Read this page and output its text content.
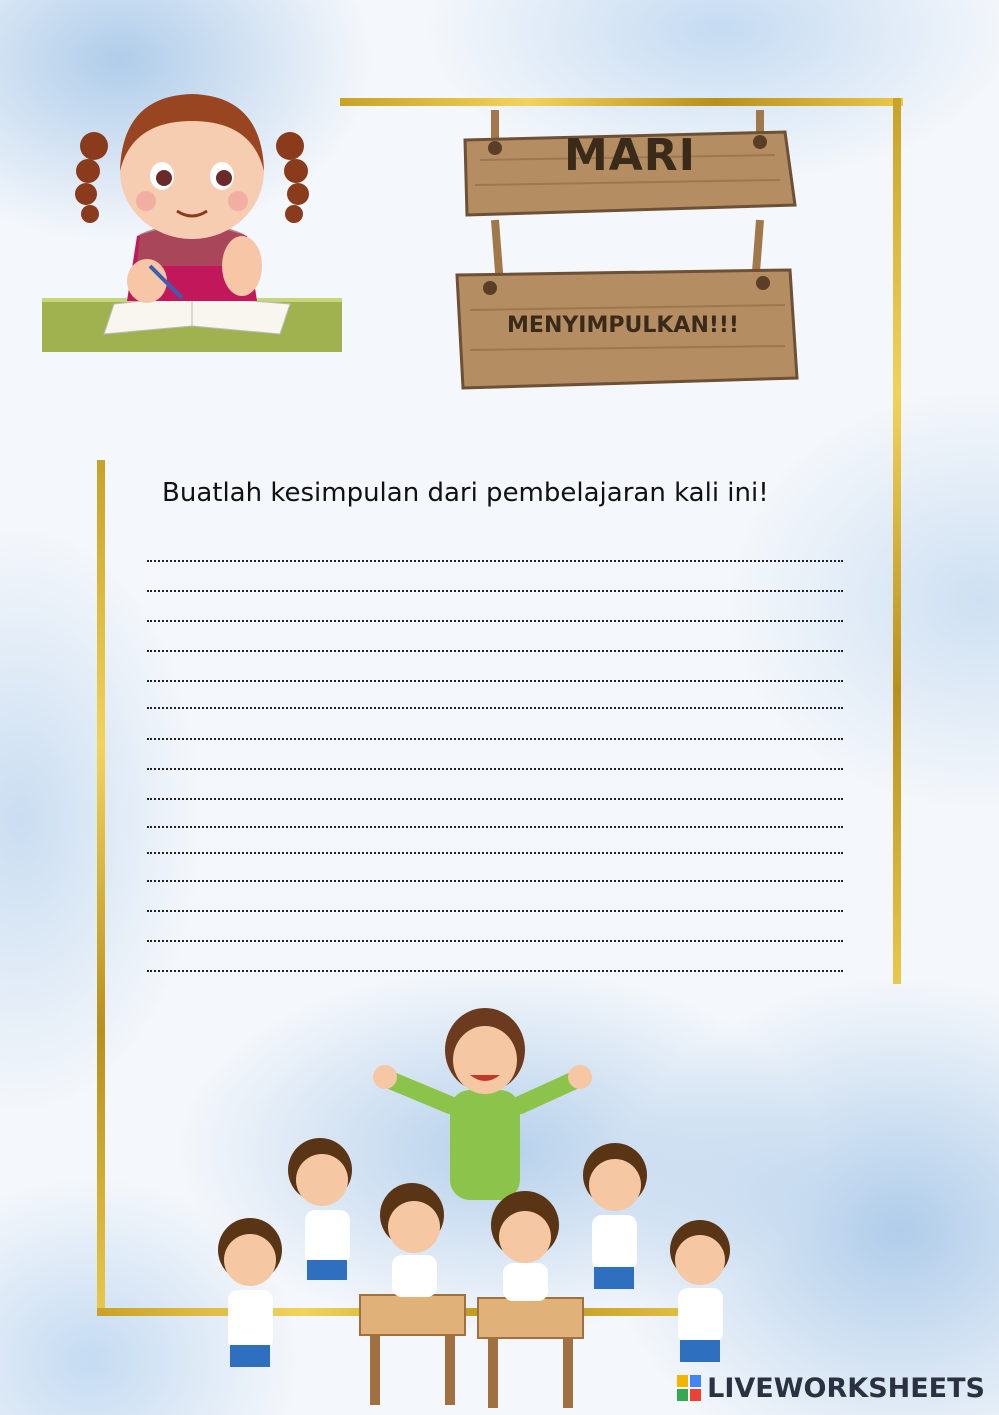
MARI
MENYIMPULKAN!!!
Buatlah kesimpulan dari pembelajaran kali ini!
LIVEWORKSHEETS
